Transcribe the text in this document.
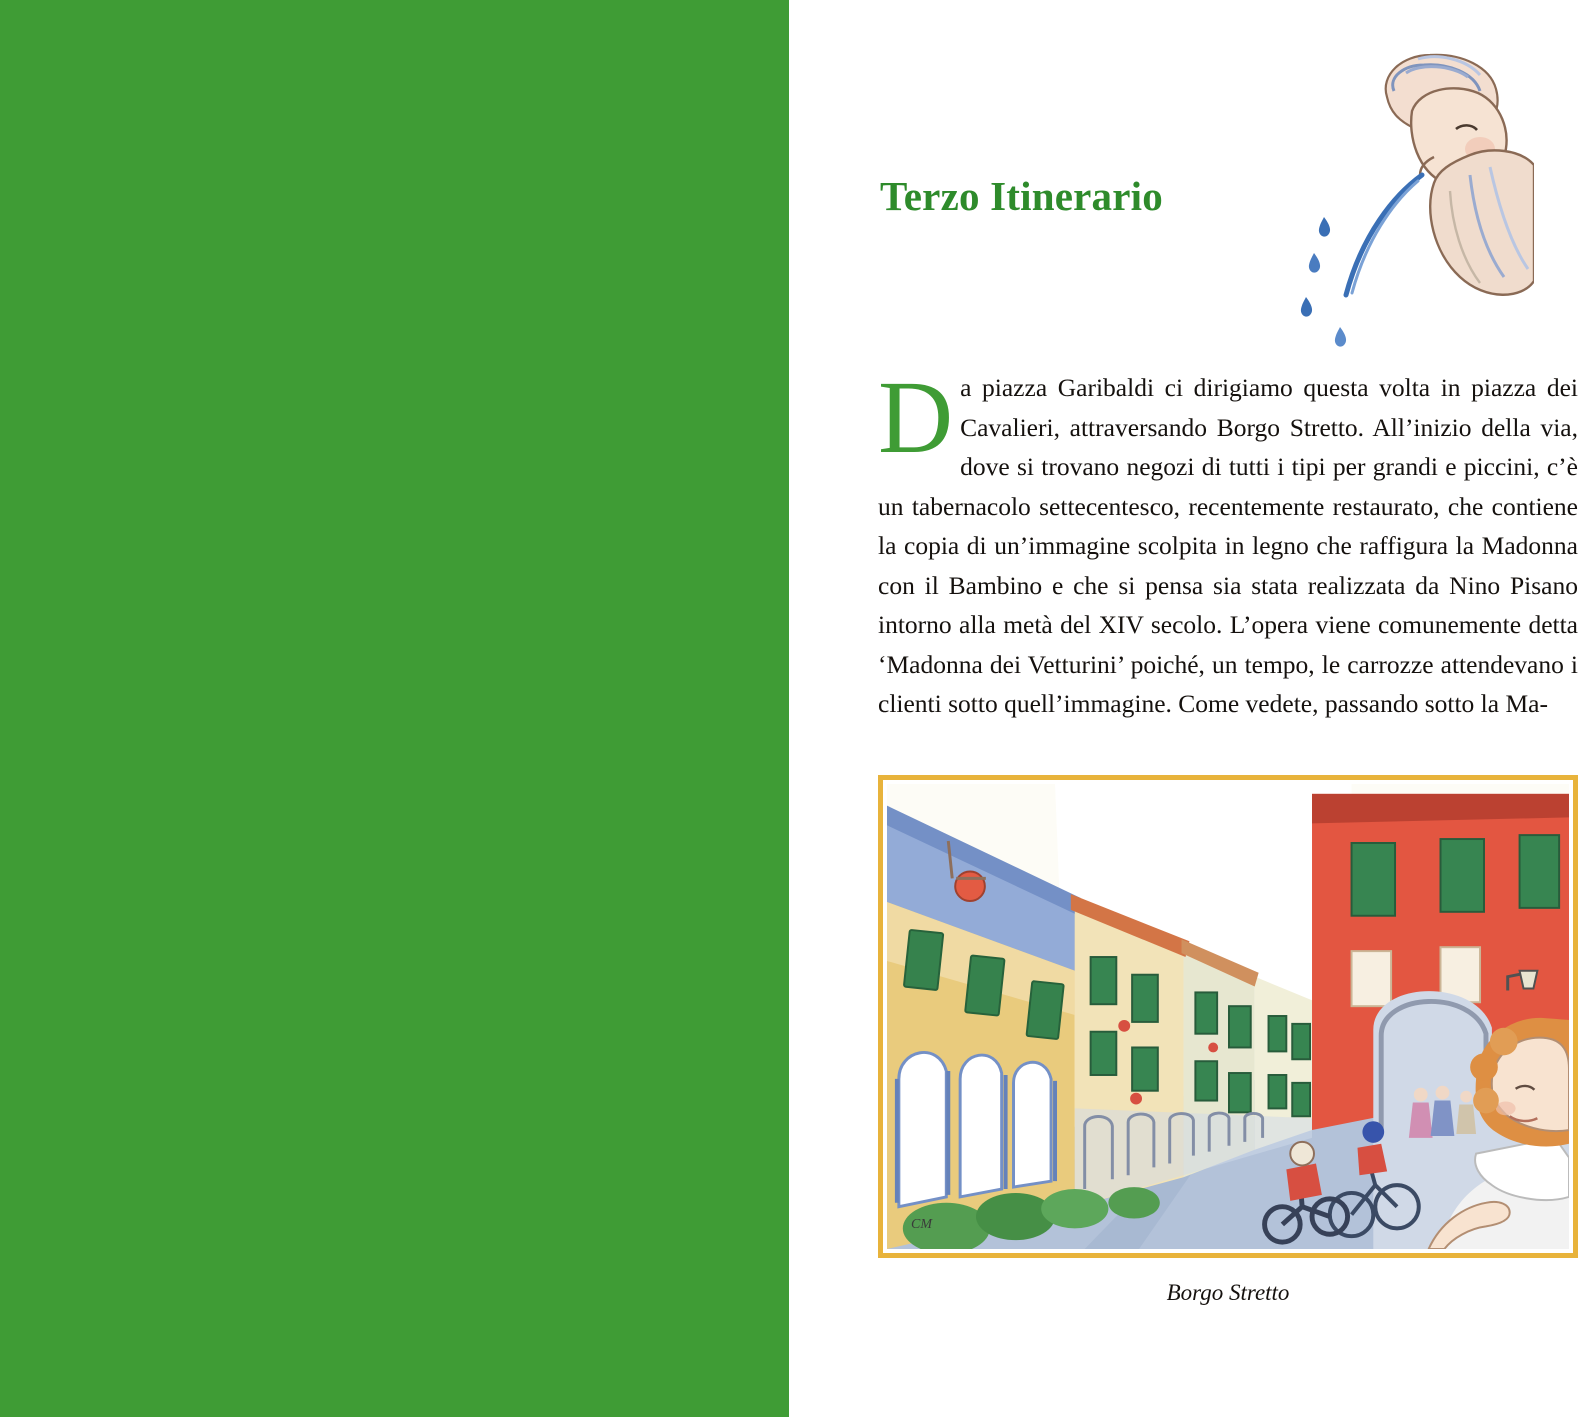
Terzo Itinerario
Da piazza Garibaldi ci dirigiamo questa volta in piazza dei Cavalieri, attraversando Borgo Stretto. All’inizio della via, dove si trovano negozi di tutti i tipi per grandi e piccini, c’è un tabernacolo settecentesco, recentemente restaurato, che contiene la copia di un’immagine scolpita in legno che raffigura la Madonna con il Bambino e che si pensa sia stata realizzata da Nino Pisano intorno alla metà del XIV secolo. L’opera viene comunemente detta ‘Madonna dei Vetturini’ poiché, un tempo, le carrozze attendevano i clienti sotto quell’immagine. Come vedete, passando sotto la Ma-
CM
Borgo Stretto
